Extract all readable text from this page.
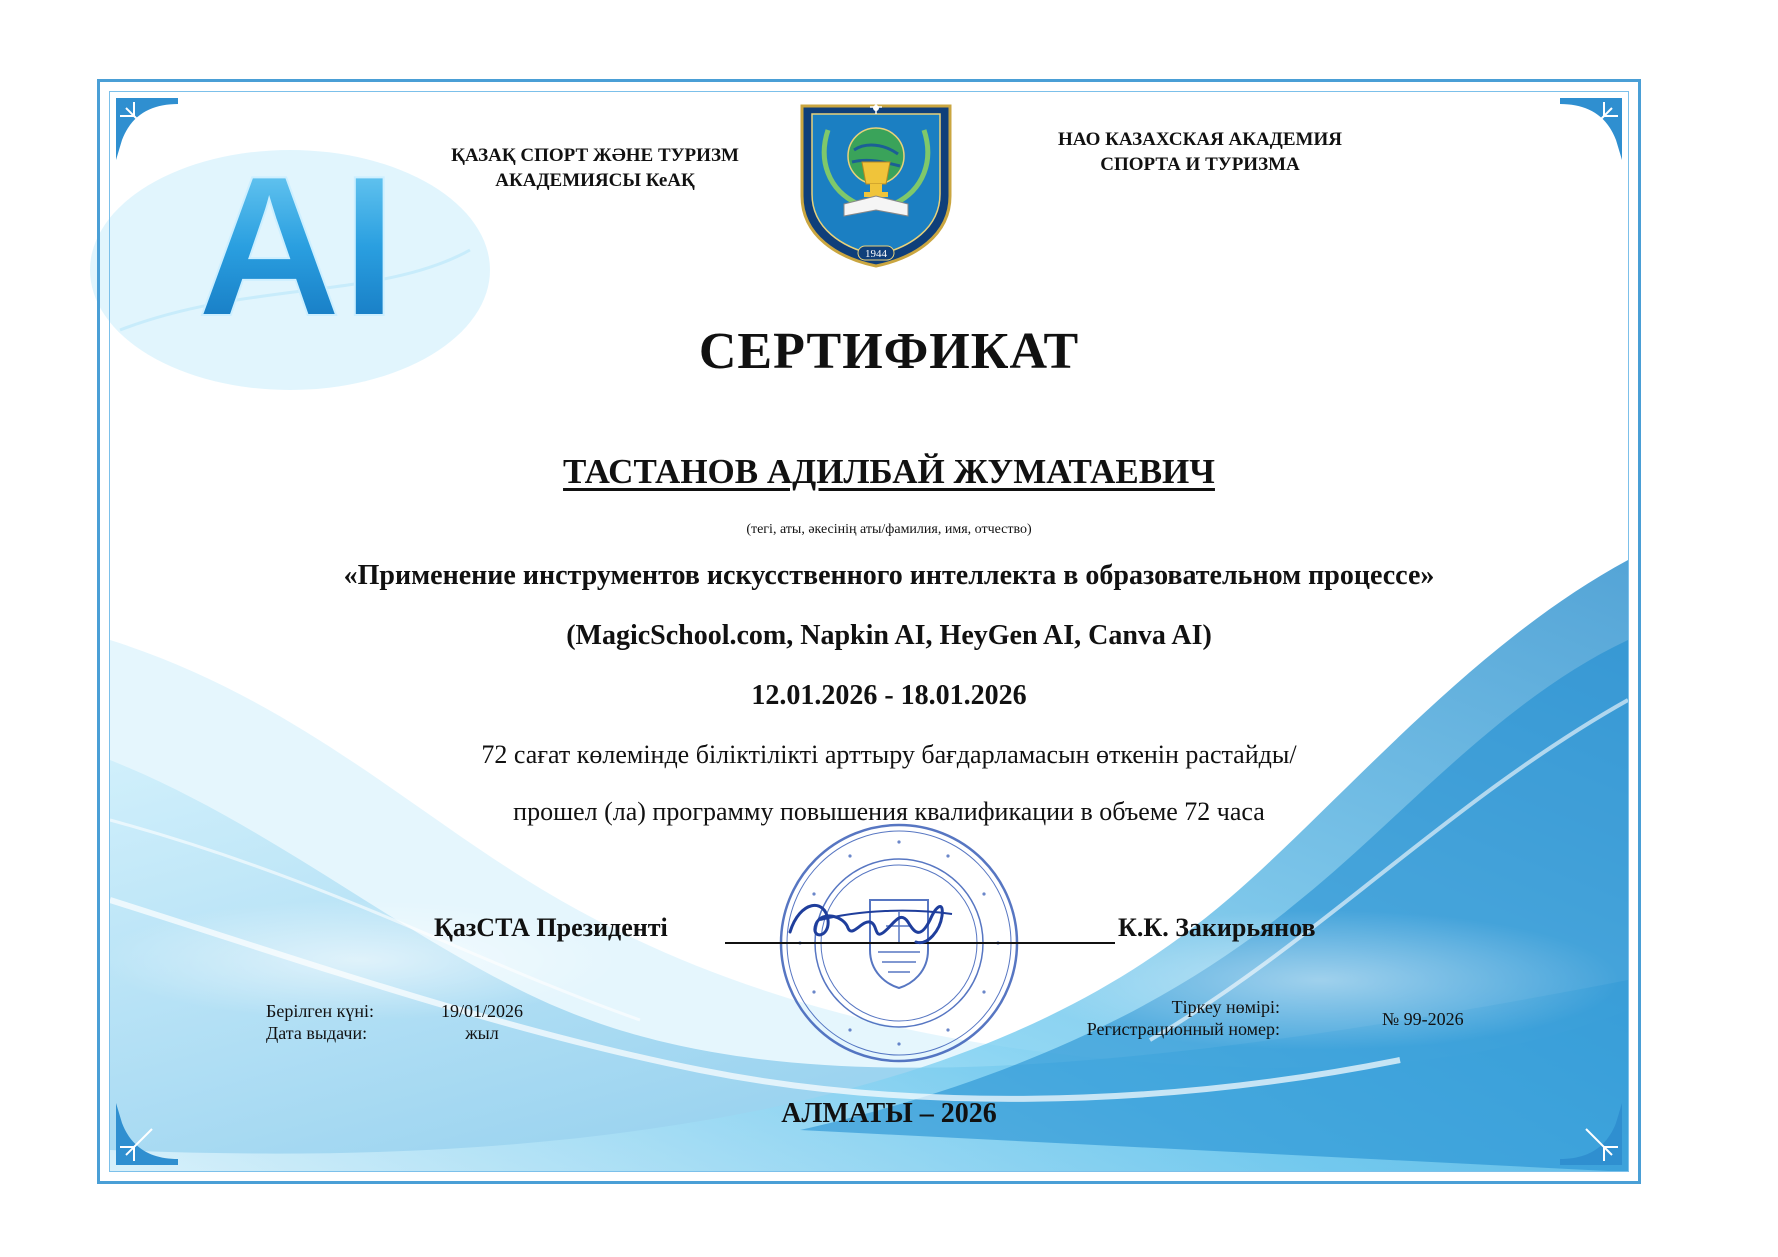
AI	ҚАЗАҚ СПОРТ ЖӘНЕ ТУРИЗМ
АКАДЕМИЯСЫ КеАҚ
НАО КАЗАХСКАЯ АКАДЕМИЯ
СПОРТА И ТУРИЗМА
1944
СЕРТИФИКАТ
ТАСТАНОВ АДИЛБАЙ ЖУМАТАЕВИЧ
(тегі, аты, әкесінің аты/фамилия, имя, отчество)
«Применение инструментов искусственного интеллекта в образовательном процессе»
(MagicSchool.com, Napkin AI, HeyGen AI, Canva AI)
12.01.2026 - 18.01.2026
72 сағат көлемінде біліктілікті арттыру бағдарламасын өткенін растайды/
прошел (ла) программу повышения квалификации в объеме 72 часа
ҚазСТА Президенті	К.К. Закирьянов
Берілген күні:
Дата выдачи:
19/01/2026
жыл
Тіркеу нөмірі:
Регистрационный номер:	№ 99-2026
АЛМАТЫ – 2026
